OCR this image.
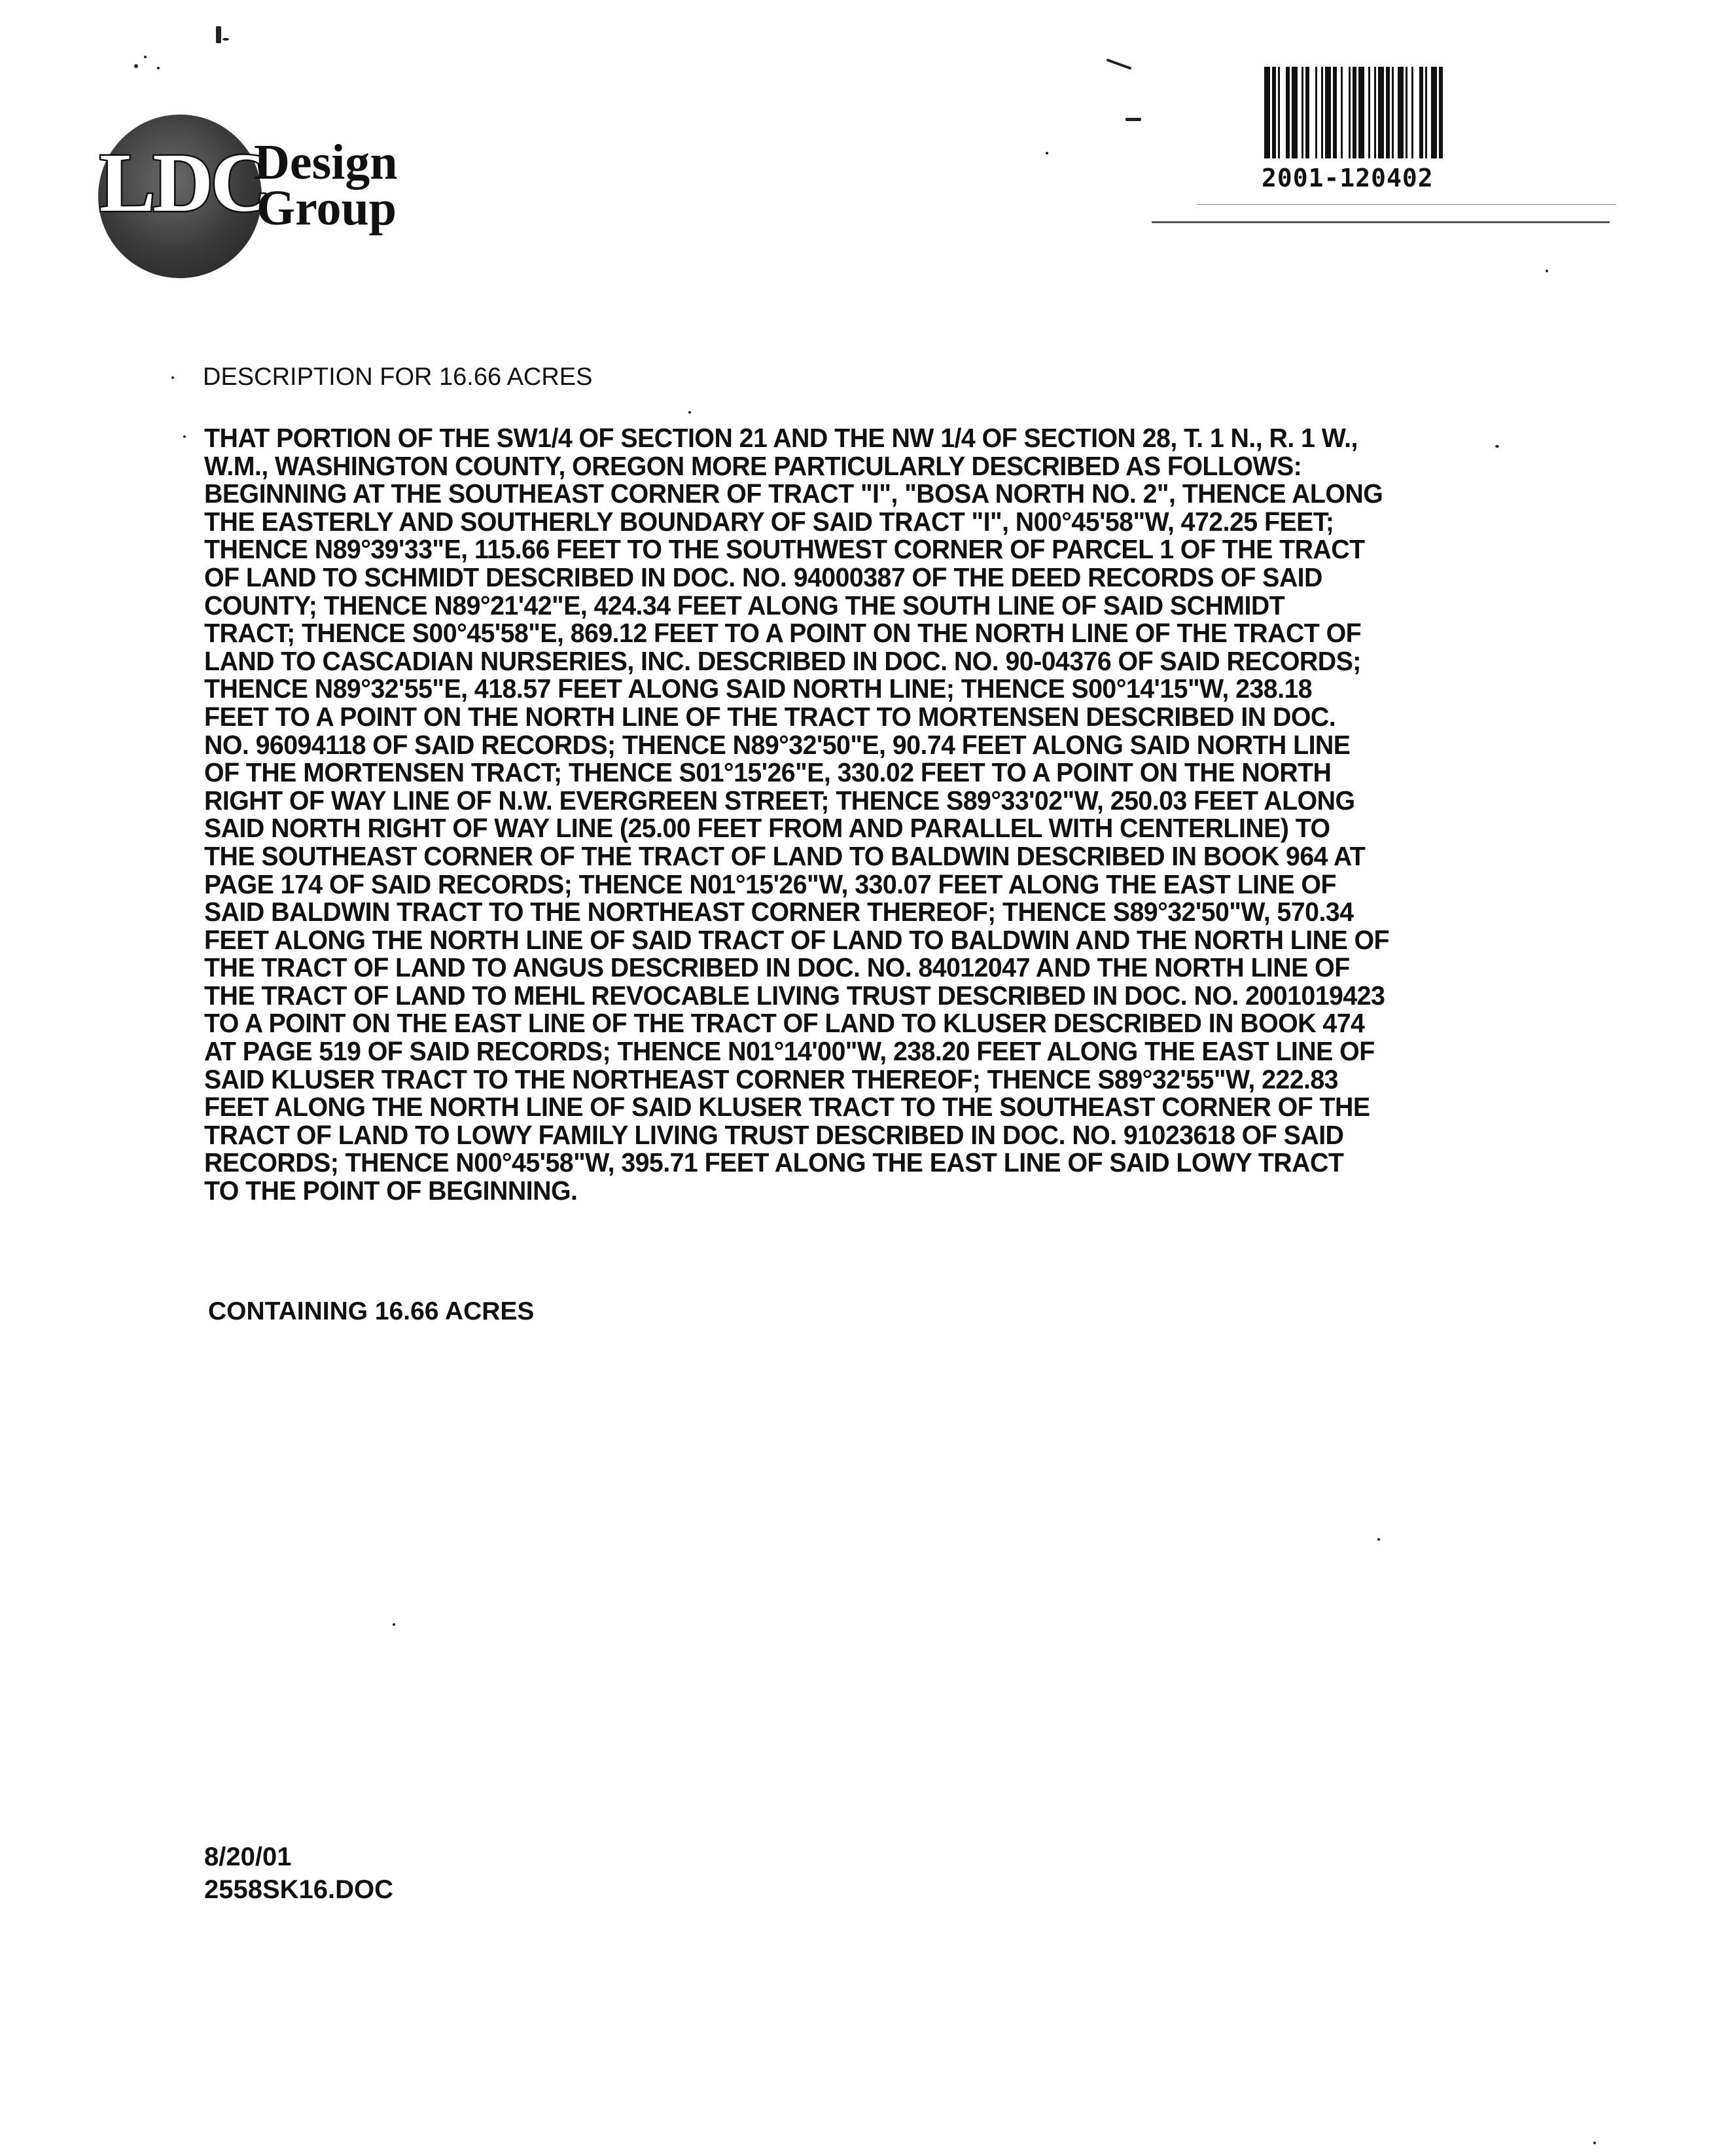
LDC
Design
Group
2001-120402
DESCRIPTION FOR 16.66 ACRES
THAT PORTION OF THE SW1/4 OF SECTION 21 AND THE NW 1/4 OF SECTION 28, T. 1 N., R. 1 W.,
W.M., WASHINGTON COUNTY, OREGON MORE PARTICULARLY DESCRIBED AS FOLLOWS:
BEGINNING AT THE SOUTHEAST CORNER OF TRACT "I", "BOSA NORTH NO. 2", THENCE ALONG
THE EASTERLY AND SOUTHERLY BOUNDARY OF SAID TRACT "I", N00°45'58"W, 472.25 FEET;
THENCE N89°39'33"E, 115.66 FEET TO THE SOUTHWEST CORNER OF PARCEL 1 OF THE TRACT
OF LAND TO SCHMIDT DESCRIBED IN DOC. NO. 94000387 OF THE DEED RECORDS OF SAID
COUNTY; THENCE N89°21'42"E, 424.34 FEET ALONG THE SOUTH LINE OF SAID SCHMIDT
TRACT; THENCE S00°45'58"E, 869.12 FEET TO A POINT ON THE NORTH LINE OF THE TRACT OF
LAND TO CASCADIAN NURSERIES, INC. DESCRIBED IN DOC. NO. 90-04376 OF SAID RECORDS;
THENCE N89°32'55"E, 418.57 FEET ALONG SAID NORTH LINE; THENCE S00°14'15"W, 238.18
FEET TO A POINT ON THE NORTH LINE OF THE TRACT TO MORTENSEN DESCRIBED IN DOC.
NO. 96094118 OF SAID RECORDS; THENCE N89°32'50"E, 90.74 FEET ALONG SAID NORTH LINE
OF THE MORTENSEN TRACT; THENCE S01°15'26"E, 330.02 FEET TO A POINT ON THE NORTH
RIGHT OF WAY LINE OF N.W. EVERGREEN STREET; THENCE S89°33'02"W, 250.03 FEET ALONG
SAID NORTH RIGHT OF WAY LINE (25.00 FEET FROM AND PARALLEL WITH CENTERLINE) TO
THE SOUTHEAST CORNER OF THE TRACT OF LAND TO BALDWIN DESCRIBED IN BOOK 964 AT
PAGE 174 OF SAID RECORDS; THENCE N01°15'26"W, 330.07 FEET ALONG THE EAST LINE OF
SAID BALDWIN TRACT TO THE NORTHEAST CORNER THEREOF; THENCE S89°32'50"W, 570.34
FEET ALONG THE NORTH LINE OF SAID TRACT OF LAND TO BALDWIN AND THE NORTH LINE OF
THE TRACT OF LAND TO ANGUS DESCRIBED IN DOC. NO. 84012047 AND THE NORTH LINE OF
THE TRACT OF LAND TO MEHL REVOCABLE LIVING TRUST DESCRIBED IN DOC. NO. 2001019423
TO A POINT ON THE EAST LINE OF THE TRACT OF LAND TO KLUSER DESCRIBED IN BOOK 474
AT PAGE 519 OF SAID RECORDS; THENCE N01°14'00"W, 238.20 FEET ALONG THE EAST LINE OF
SAID KLUSER TRACT TO THE NORTHEAST CORNER THEREOF; THENCE S89°32'55"W, 222.83
FEET ALONG THE NORTH LINE OF SAID KLUSER TRACT TO THE SOUTHEAST CORNER OF THE
TRACT OF LAND TO LOWY FAMILY LIVING TRUST DESCRIBED IN DOC. NO. 91023618 OF SAID
RECORDS; THENCE N00°45'58"W, 395.71 FEET ALONG THE EAST LINE OF SAID LOWY TRACT
TO THE POINT OF BEGINNING.
CONTAINING 16.66 ACRES
8/20/01
2558SK16.DOC
